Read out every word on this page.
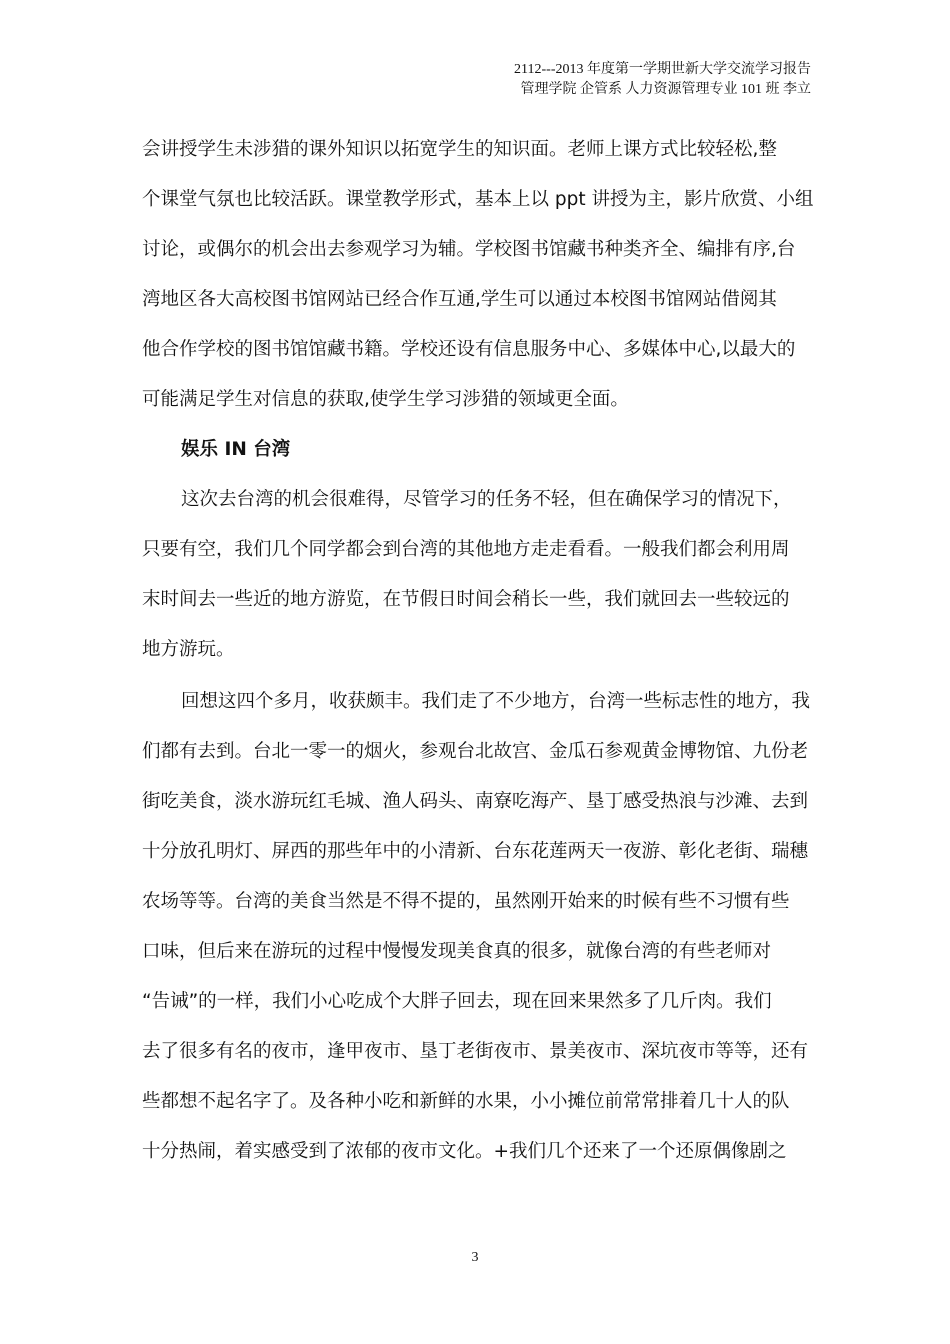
2112---2013 年度第一学期世新大学交流学习报告
管理学院 企管系 人力资源管理专业 101 班 李立
会讲授学生未涉猎的课外知识以拓宽学生的知识面。老师上课方式比较轻松,整
个课堂气氛也比较活跃。课堂教学形式，基本上以 ppt 讲授为主，影片欣赏、小组
讨论，或偶尔的机会出去参观学习为辅。学校图书馆藏书种类齐全、编排有序,台
湾地区各大高校图书馆网站已经合作互通,学生可以通过本校图书馆网站借阅其
他合作学校的图书馆馆藏书籍。学校还设有信息服务中心、多媒体中心,以最大的
可能满足学生对信息的获取,使学生学习涉猎的领域更全面。
娱乐 IN 台湾
这次去台湾的机会很难得，尽管学习的任务不轻，但在确保学习的情况下，
只要有空，我们几个同学都会到台湾的其他地方走走看看。一般我们都会利用周
末时间去一些近的地方游览，在节假日时间会稍长一些，我们就回去一些较远的
地方游玩。
回想这四个多月，收获颇丰。我们走了不少地方，台湾一些标志性的地方，我
们都有去到。台北一零一的烟火，参观台北故宫、金瓜石参观黄金博物馆、九份老
街吃美食，淡水游玩红毛城、渔人码头、南寮吃海产、垦丁感受热浪与沙滩、去到
十分放孔明灯、屏西的那些年中的小清新、台东花莲两天一夜游、彰化老街、瑞穗
农场等等。台湾的美食当然是不得不提的，虽然刚开始来的时候有些不习惯有些
口味，但后来在游玩的过程中慢慢发现美食真的很多，就像台湾的有些老师对
“告诫”的一样，我们小心吃成个大胖子回去，现在回来果然多了几斤肉。我们
去了很多有名的夜市，逢甲夜市、垦丁老街夜市、景美夜市、深坑夜市等等，还有
些都想不起名字了。及各种小吃和新鲜的水果，小小摊位前常常排着几十人的队
十分热闹，着实感受到了浓郁的夜市文化。+我们几个还来了一个还原偶像剧之
3
